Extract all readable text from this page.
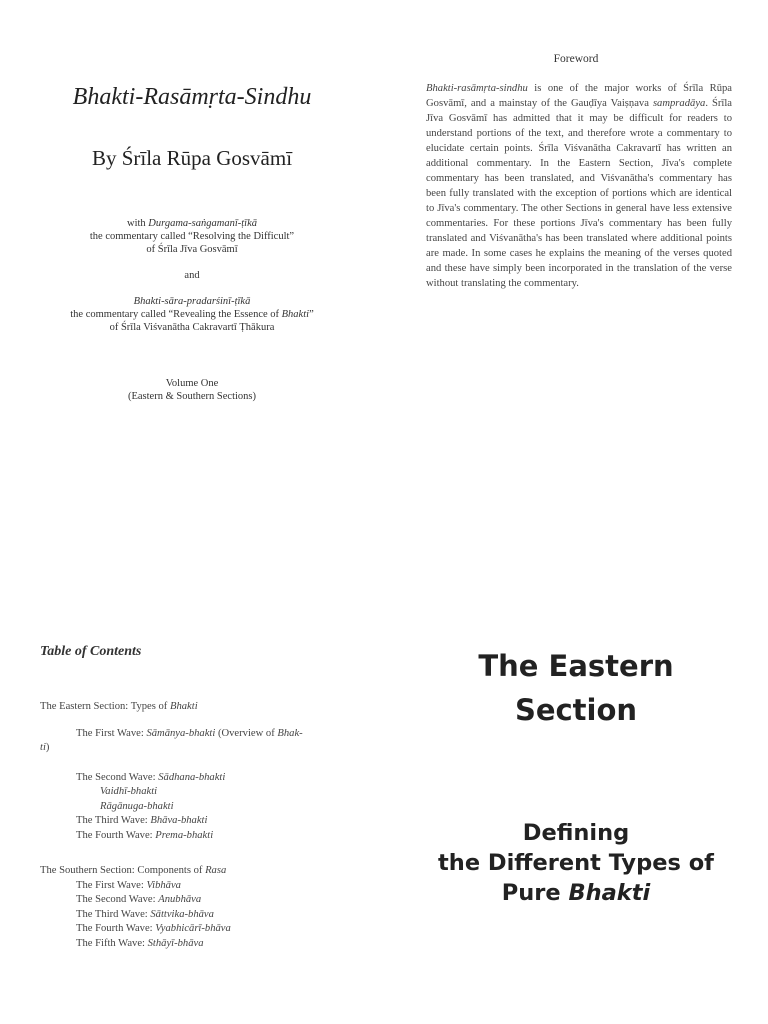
Bhakti-Rasāmṛta-Sindhu
By Śrīla Rūpa Gosvāmī

with Durgama-saṅgamanī-ṭīkā

the commentary called “Resolving the Difficult”

of Śrīla Jīva Gosvāmī

and

Bhakti-sāra-pradarśinī-ṭīkā

the commentary called “Revealing the Essence of Bhakti”

of Śrīla Viśvanātha Cakravartī Ṭhākura

Volume One

(Eastern & Southern Sections)

Foreword

Bhakti-rasāmṛta-sindhu is one of the major works of Śrīla Rūpa Gosvāmī, and a mainstay of the Gauḍīya Vaiṣṇava sampradāya. Śrīla Jīva Gosvāmī has admitted that it may be difficult for readers to understand portions of the text, and therefore wrote a commentary to elucidate certain points. Śrīla Viśvanātha Cakravartī has written an additional commentary. In the Eastern Section, Jīva's complete commentary has been translated, and Viśvanātha's commentary has been fully translated with the exception of portions which are identical to Jīva's commentary. The other Sections in general have less extensive commentaries. For these portions Jīva's commentary has been fully translated and Viśvanātha's has been translated where additional points are made. In some cases he explains the meaning of the verses quoted and these have simply been incorporated in the translation of the verse without translating the commentary.

Table of Contents
The Eastern Section: Types of Bhakti
The First Wave: Sāmānya-bhakti (Overview of Bhak-
ti)
The Second Wave: Sādhana-bhakti
Vaidhī-bhakti
Rāgānuga-bhakti
The Third Wave: Bhāva-bhakti
The Fourth Wave: Prema-bhakti
The Southern Section: Components of Rasa
The First Wave: Vibhāva
The Second Wave: Anubhāva
The Third Wave: Sāttvika-bhāva
The Fourth Wave: Vyabhicārī-bhāva
The Fifth Wave: Sthāyī-bhāva
The Eastern
Section
Defining
the Different Types of
Pure Bhakti
